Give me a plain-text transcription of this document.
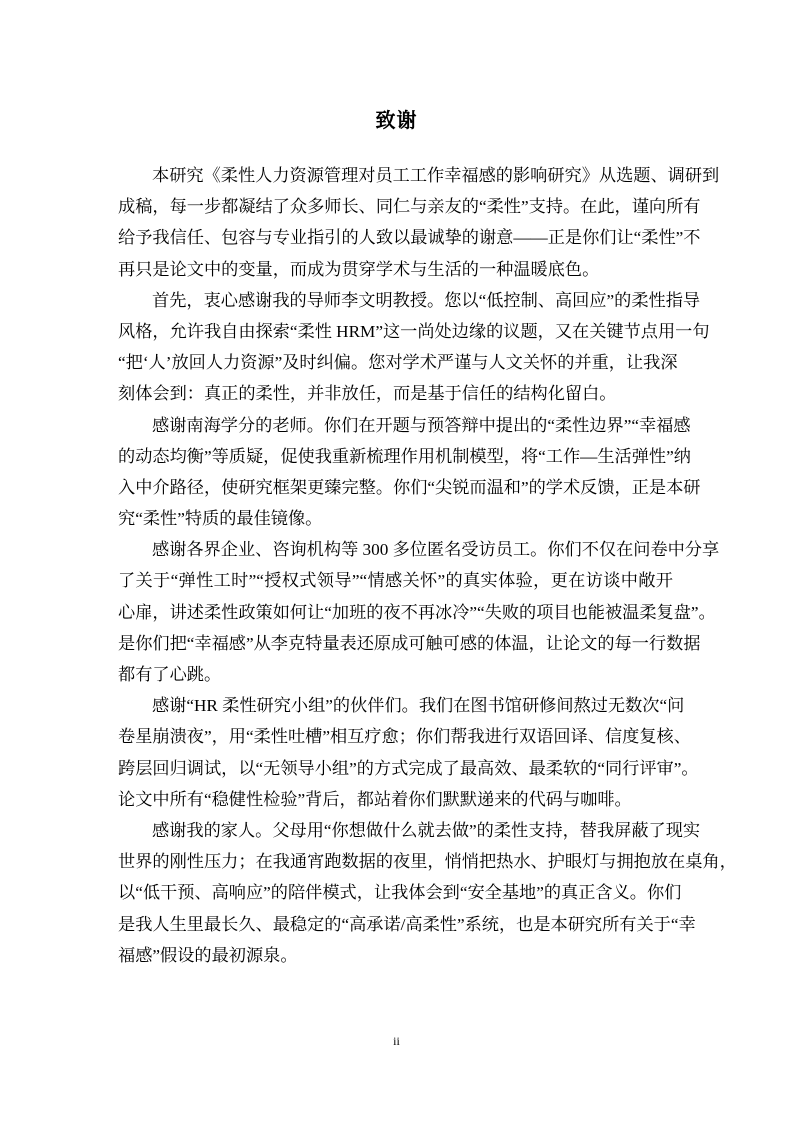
致谢
本研究《柔性人力资源管理对员工工作幸福感的影响研究》从选题、调研到
成稿，每一步都凝结了众多师长、同仁与亲友的“柔性”支持。在此，谨向所有
给予我信任、包容与专业指引的人致以最诚挚的谢意——正是你们让“柔性”不
再只是论文中的变量，而成为贯穿学术与生活的一种温暖底色。
首先，衷心感谢我的导师李文明教授。您以“低控制、高回应”的柔性指导
风格，允许我自由探索“柔性 HRM”这一尚处边缘的议题，又在关键节点用一句
“把‘人’放回人力资源”及时纠偏。您对学术严谨与人文关怀的并重，让我深
刻体会到：真正的柔性，并非放任，而是基于信任的结构化留白。
感谢南海学分的老师。你们在开题与预答辩中提出的“柔性边界”“幸福感
的动态均衡”等质疑，促使我重新梳理作用机制模型，将“工作—生活弹性”纳
入中介路径，使研究框架更臻完整。你们“尖锐而温和”的学术反馈，正是本研
究“柔性”特质的最佳镜像。
感谢各界企业、咨询机构等 300 多位匿名受访员工。你们不仅在问卷中分享
了关于“弹性工时”“授权式领导”“情感关怀”的真实体验，更在访谈中敞开
心扉，讲述柔性政策如何让“加班的夜不再冰冷”“失败的项目也能被温柔复盘”。
是你们把“幸福感”从李克特量表还原成可触可感的体温，让论文的每一行数据
都有了心跳。
感谢“HR 柔性研究小组”的伙伴们。我们在图书馆研修间熬过无数次“问
卷星崩溃夜”，用“柔性吐槽”相互疗愈；你们帮我进行双语回译、信度复核、
跨层回归调试，以“无领导小组”的方式完成了最高效、最柔软的“同行评审”。
论文中所有“稳健性检验”背后，都站着你们默默递来的代码与咖啡。
感谢我的家人。父母用“你想做什么就去做”的柔性支持，替我屏蔽了现实
世界的刚性压力；在我通宵跑数据的夜里，悄悄把热水、护眼灯与拥抱放在桌角，
以“低干预、高响应”的陪伴模式，让我体会到“安全基地”的真正含义。你们
是我人生里最长久、最稳定的“高承诺/高柔性”系统，也是本研究所有关于“幸
福感”假设的最初源泉。
ii
